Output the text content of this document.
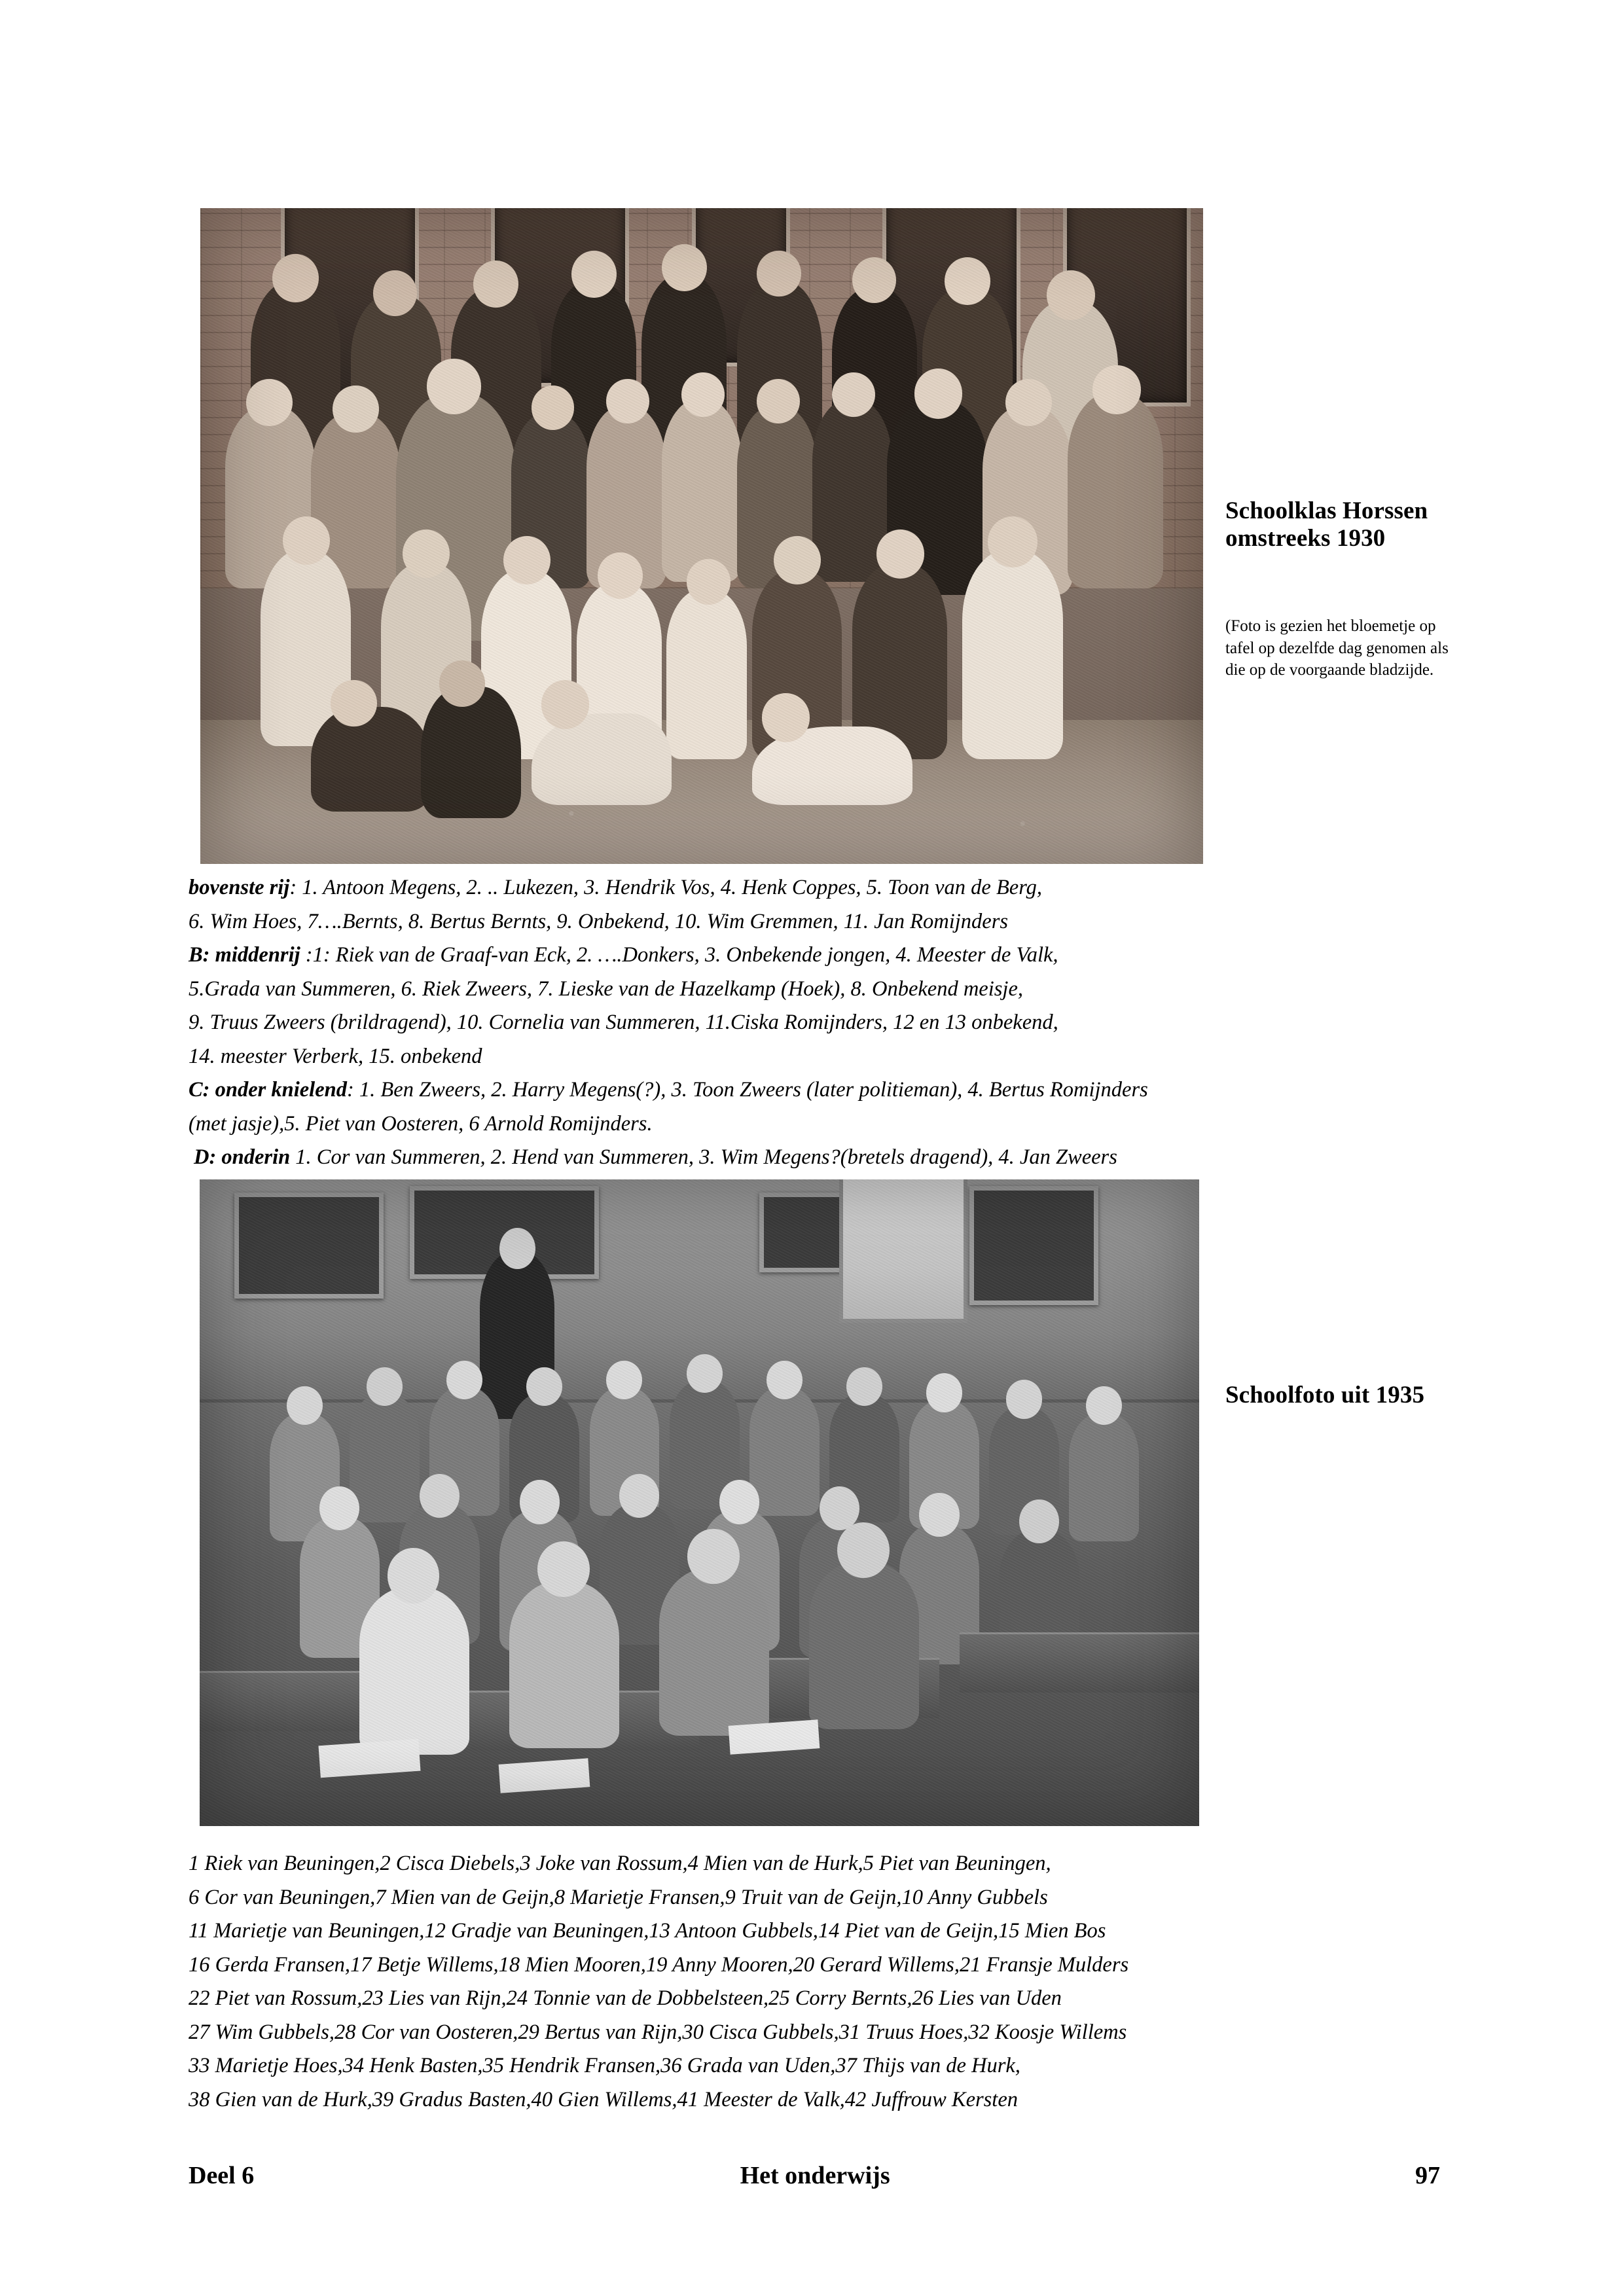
Schoolklas Horssen omstreeks 1930
(Foto is gezien het bloemetje op tafel op dezelfde dag genomen als die op de voorgaande bladzijde.
bovenste rij: 1. Antoon Megens, 2. .. Lukezen, 3. Hendrik Vos, 4. Henk Coppes, 5. Toon van de Berg,
6. Wim Hoes, 7….Bernts, 8. Bertus Bernts, 9. Onbekend, 10. Wim Gremmen, 11. Jan Romijnders
B: middenrij :1: Riek van de Graaf-van Eck, 2. ….Donkers, 3. Onbekende jongen, 4. Meester de Valk,
5.Grada van Summeren, 6. Riek Zweers, 7. Lieske van de Hazelkamp (Hoek), 8. Onbekend meisje,
9. Truus Zweers (brildragend), 10. Cornelia van Summeren, 11.Ciska Romijnders, 12 en 13 onbekend,
14. meester Verberk, 15. onbekend
C: onder knielend: 1. Ben Zweers, 2. Harry Megens(?), 3. Toon Zweers (later politieman), 4. Bertus Romijnders
(met jasje),5. Piet van Oosteren, 6 Arnold Romijnders.
D: onderin 1. Cor van Summeren, 2. Hend van Summeren, 3. Wim Megens?(bretels dragend), 4. Jan Zweers
Schoolfoto uit 1935
1 Riek van Beuningen,2 Cisca Diebels,3 Joke van Rossum,4 Mien van de Hurk,5 Piet van Beuningen,
6 Cor van Beuningen,7 Mien van de Geijn,8 Marietje Fransen,9 Truit van de Geijn,10 Anny Gubbels
11 Marietje van Beuningen,12 Gradje van Beuningen,13 Antoon Gubbels,14 Piet van de Geijn,15 Mien Bos
16 Gerda Fransen,17 Betje Willems,18 Mien Mooren,19 Anny Mooren,20 Gerard Willems,21 Fransje Mulders
22 Piet van Rossum,23 Lies van Rijn,24 Tonnie van de Dobbelsteen,25 Corry Bernts,26 Lies van Uden
27 Wim Gubbels,28 Cor van Oosteren,29 Bertus van Rijn,30 Cisca Gubbels,31 Truus Hoes,32 Koosje Willems
33 Marietje Hoes,34 Henk Basten,35 Hendrik Fransen,36 Grada van Uden,37 Thijs van de Hurk,
38 Gien van de Hurk,39 Gradus Basten,40 Gien Willems,41 Meester de Valk,42 Juffrouw Kersten
Deel 6	Het onderwijs	97
